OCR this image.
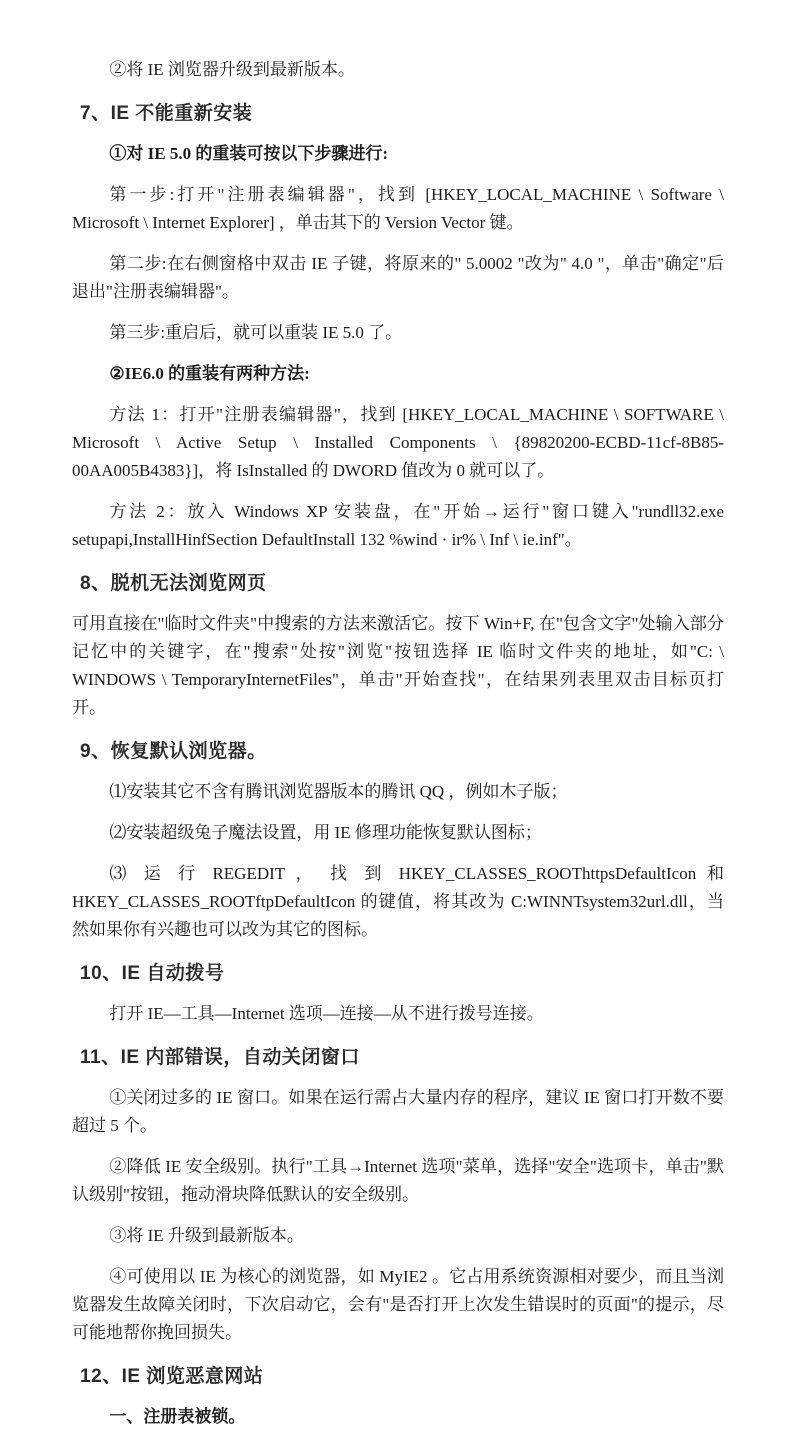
②将 IE 浏览器升级到最新版本。

7、IE 不能重新安装

①对 IE 5.0 的重装可按以下步骤进行:

第一步:打开"注册表编辑器"，找到 [HKEY_LOCAL_MACHINE \ Software \ Microsoft \ Internet Explorer] ，单击其下的 Version Vector 键。

第二步:在右侧窗格中双击 IE 子键，将原来的" 5.0002 "改为" 4.0 "，单击"确定"后退出"注册表编辑器"。

第三步:重启后，就可以重装 IE 5.0 了。

②IE6.0 的重装有两种方法:

方法 1：打开"注册表编辑器"，找到 [HKEY_LOCAL_MACHINE \ SOFTWARE \ Microsoft \ Active Setup \ Installed Components \ {89820200-ECBD-11cf-8B85-00AA005B4383}]，将 IsInstalled 的 DWORD 值改为 0 就可以了。

方法 2：放入 Windows XP 安装盘，在"开始→运行"窗口键入"rundll32.exe setupapi,InstallHinfSection DefaultInstall 132 %wind · ir% \ Inf \ ie.inf"。

8、脱机无法浏览网页

可用直接在"临时文件夹"中搜索的方法来激活它。按下 Win+F, 在"包含文字"处输入部分记忆中的关键字，在"搜索"处按"浏览"按钮选择 IE 临时文件夹的地址，如"C: \ WINDOWS \ TemporaryInternetFiles"，单击"开始查找"，在结果列表里双击目标页打开。

9、恢复默认浏览器。

⑴安装其它不含有腾讯浏览器版本的腾讯 QQ ，例如木子版；

⑵安装超级兔子魔法设置，用 IE 修理功能恢复默认图标；

⑶ 运 行 REGEDIT ， 找 到 HKEY_CLASSES_ROOThttpsDefaultIcon 和 HKEY_CLASSES_ROOTftpDefaultIcon 的键值，将其改为 C:WINNTsystem32url.dll，当然如果你有兴趣也可以改为其它的图标。

10、IE 自动拨号

打开 IE—工具—Internet 选项—连接—从不进行拨号连接。

11、IE 内部错误，自动关闭窗口

①关闭过多的 IE 窗口。如果在运行需占大量内存的程序，建议 IE 窗口打开数不要超过 5 个。

②降低 IE 安全级别。执行"工具→Internet 选项"菜单，选择"安全"选项卡，单击"默认级别"按钮，拖动滑块降低默认的安全级别。

③将 IE 升级到最新版本。

④可使用以 IE 为核心的浏览器，如 MyIE2 。它占用系统资源相对要少，而且当浏览器发生故障关闭时，下次启动它，会有"是否打开上次发生错误时的页面"的提示，尽可能地帮你挽回损失。

12、IE 浏览恶意网站

一、注册表被锁。
